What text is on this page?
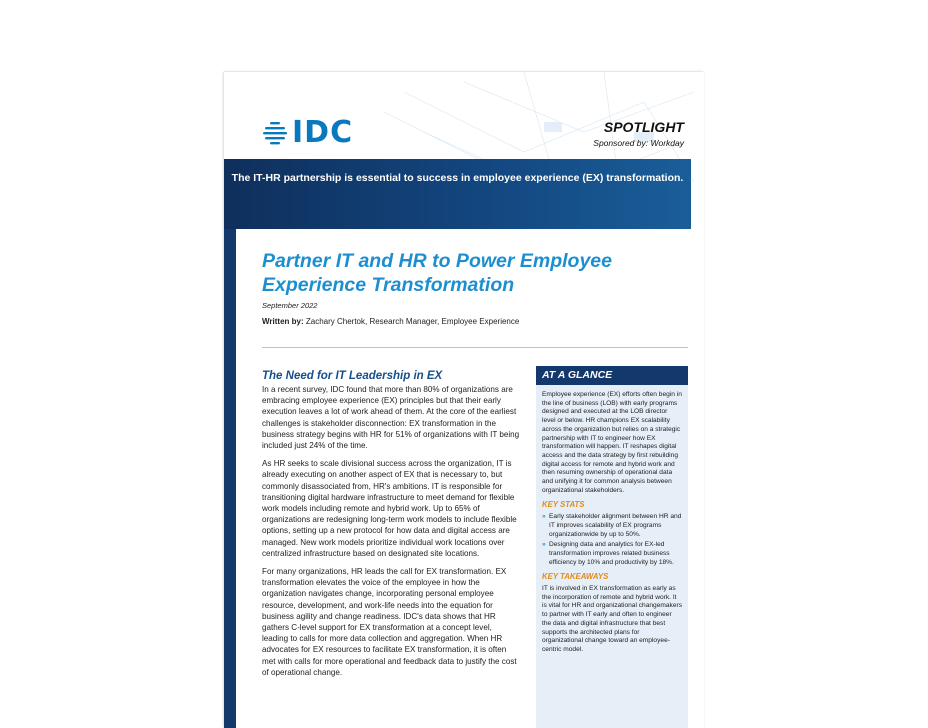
IDC	SPOTLIGHT
Sponsored by: Workday
The IT-HR partnership is essential to success in employee experience (EX) transformation.
Partner IT and HR to Power Employee Experience Transformation
September 2022
Written by: Zachary Chertok, Research Manager, Employee Experience
The Need for IT Leadership in EX

In a recent survey, IDC found that more than 80% of organizations are embracing employee experience (EX) principles but that their early execution leaves a lot of work ahead of them. At the core of the earliest challenges is stakeholder disconnection: EX transformation in the business strategy begins with HR for 51% of organizations with IT being included just 24% of the time.

As HR seeks to scale divisional success across the organization, IT is already executing on another aspect of EX that is necessary to, but commonly disassociated from, HR's ambitions. IT is responsible for transitioning digital hardware infrastructure to meet demand for flexible work models including remote and hybrid work. Up to 65% of organizations are redesigning long-term work models to include flexible options, setting up a new protocol for how data and digital access are managed. New work models prioritize individual work locations over centralized infrastructure based on designated site locations.

For many organizations, HR leads the call for EX transformation. EX transformation elevates the voice of the employee in how the organization navigates change, incorporating personal employee resource, development, and work-life needs into the equation for business agility and change readiness. IDC's data shows that HR gathers C-level support for EX transformation at a concept level, leading to calls for more data collection and aggregation. When HR advocates for EX resources to facilitate EX transformation, it is often met with calls for more operational and feedback data to justify the cost of operational change.

AT A GLANCE

Employee experience (EX) efforts often begin in the line of business (LOB) with early programs designed and executed at the LOB director level or below. HR champions EX scalability across the organization but relies on a strategic partnership with IT to engineer how EX transformation will happen. IT reshapes digital access and the data strategy by first rebuilding digital access for remote and hybrid work and then resuming ownership of operational data and unifying it for common analysis between organizational stakeholders.

KEY STATS
» Early stakeholder alignment between HR and IT improves scalability of EX programs organizationwide by up to 50%.
» Designing data and analytics for EX-led transformation improves related business efficiency by 10% and productivity by 18%.
KEY TAKEAWAYS

IT is involved in EX transformation as early as the incorporation of remote and hybrid work. It is vital for HR and organizational changemakers to partner with IT early and often to engineer the data and digital infrastructure that best supports the architected plans for organizational change toward an employee-centric model.
